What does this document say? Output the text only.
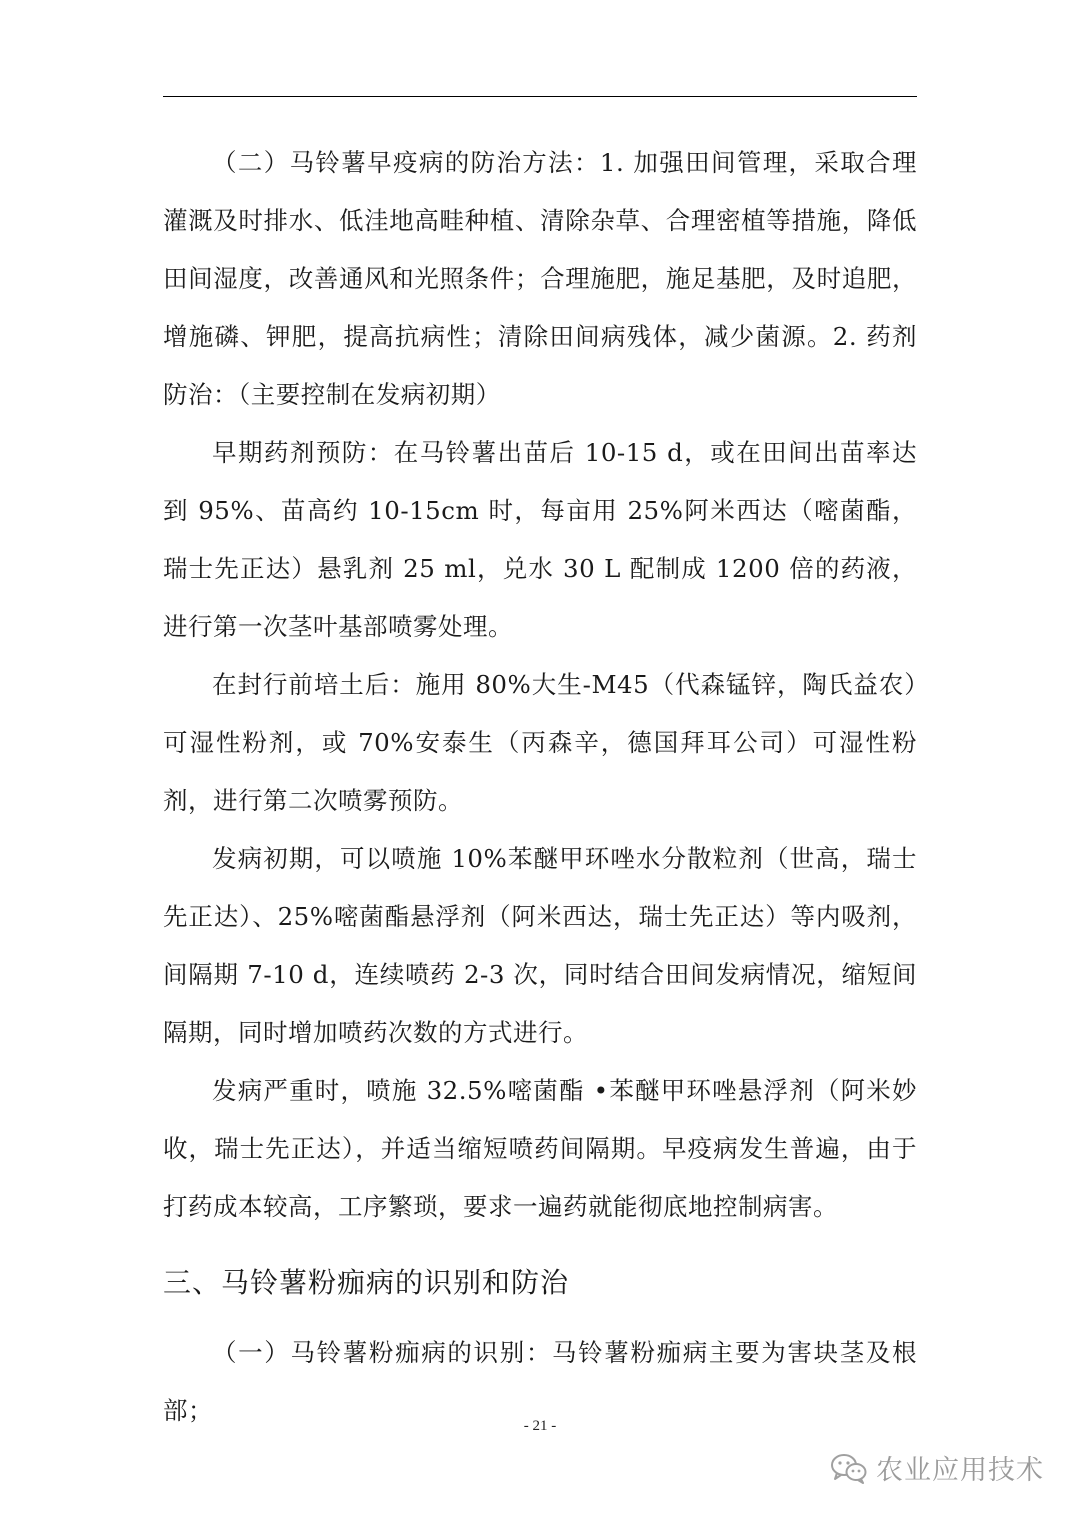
（二）马铃薯早疫病的防治方法：1. 加强田间管理，采取合理灌溉及时排水、低洼地高畦种植、清除杂草、合理密植等措施，降低田间湿度，改善通风和光照条件；合理施肥，施足基肥，及时追肥，增施磷、钾肥，提高抗病性；清除田间病残体，减少菌源。2. 药剂防治：（主要控制在发病初期）

早期药剂预防：在马铃薯出苗后 10-15 d，或在田间出苗率达到 95%、苗高约 10-15cm 时，每亩用 25%阿米西达（嘧菌酯，瑞士先正达）悬乳剂 25 ml，兑水 30 L 配制成 1200 倍的药液，进行第一次茎叶基部喷雾处理。

在封行前培土后：施用 80%大生-M45（代森锰锌，陶氏益农）可湿性粉剂，或 70%安泰生（丙森辛，德国拜耳公司）可湿性粉剂，进行第二次喷雾预防。

发病初期，可以喷施 10%苯醚甲环唑水分散粒剂（世高，瑞士先正达）、25%嘧菌酯悬浮剂（阿米西达，瑞士先正达）等内吸剂，间隔期 7-10 d，连续喷药 2-3 次，同时结合田间发病情况，缩短间隔期，同时增加喷药次数的方式进行。

发病严重时，喷施 32.5%嘧菌酯 •苯醚甲环唑悬浮剂（阿米妙收，瑞士先正达），并适当缩短喷药间隔期。早疫病发生普遍，由于打药成本较高，工序繁琐，要求一遍药就能彻底地控制病害。

三、马铃薯粉痂病的识别和防治

（一）马铃薯粉痂病的识别：马铃薯粉痂病主要为害块茎及根部；

- 21 -
农业应用技术
